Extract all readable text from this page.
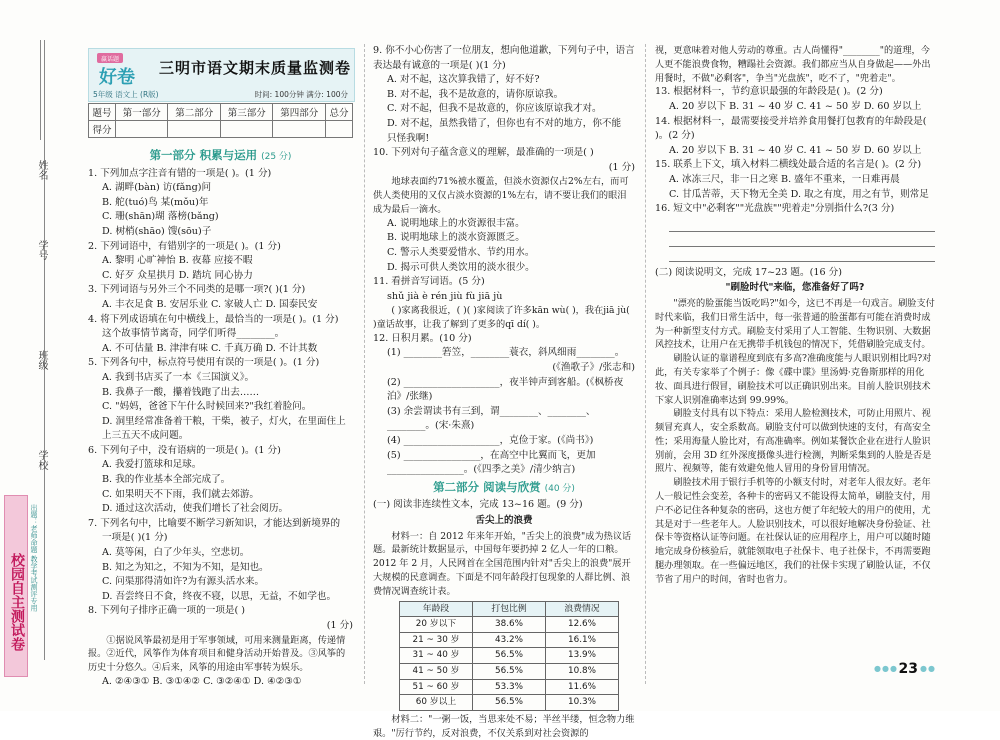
姓名
学号
班级
学校
校园自主测试卷 出题：老师命题 教学考试测评专用
赢话题
好卷 三明市语文期末质量监测卷
5年级 语文上 (R版)	时间: 100分钟 满分: 100分
题号	第一部分	第二部分	第三部分	第四部分	总分
得分					
第一部分 积累与运用 (25 分)

1. 下列加点字注音有错的一项是( )。(1 分)

A. 湖畔(bàn) 访(fǎng)问
B. 舵(tuó)鸟 某(mǒu)年
C. 珊(shān)瑚 落榜(bǎng)
D. 树梢(shāo) 馊(sōu)子

2. 下列词语中，有错别字的一项是( )。(1 分)

A. 黎明 心旷神怡 B. 夜幕 应接不暇

C. 好歹 众星拱月 D. 踏坑 同心协力

3. 下列词语与另外三个不同类的是哪一项?( )(1 分)

A. 丰衣足食 B. 安居乐业 C. 家破人亡 D. 国泰民安

4. 将下列成语填在句中横线上，最恰当的一项是( )。(1 分)

这个故事情节离奇，同学们听得________。

A. 不可估量 B. 津津有味 C. 千真万确 D. 不计其数

5. 下列各句中，标点符号使用有误的一项是( )。(1 分)

A. 我到书店买了一本《三国演义》。

B. 我鼻子一酸，攥着钱跑了出去……

C. "妈妈，爸爸下午什么时候回来?"我红着脸问。

D. 洞里经常准备着干粮，干柴，被子，灯火，在里面住上

上三五天不成问题。

6. 下列句子中，没有语病的一项是( )。(1 分)

A. 我爱打篮球和足球。

B. 我的作业基本全部完成了。

C. 如果明天不下雨，我们就去郊游。

D. 通过这次活动，使我们增长了社会阅历。

7. 下列名句中，比喻要不断学习新知识，才能达到新境界的

一项是( )(1 分)

A. 莫等闲，白了少年头，空悲切。

B. 知之为知之，不知为不知，是知也。

C. 问渠那得清如许?为有源头活水来。

D. 吾尝终日不食，终夜不寝，以思，无益，不如学也。

8. 下列句子排序正确一项的一项是( )

(1 分)

①据说风筝最初是用于军事领域，可用来测量距离，传递情报。②近代，风筝作为体育项目和健身活动开始普及。③风筝的历史十分悠久。④后来，风筝的用途由军事转为娱乐。

A. ②④③① B. ③①④② C. ③②④① D. ④②③①

9. 你不小心伤害了一位朋友，想向他道歉，下列句子中，语言表达最有诚意的一项是( )(1 分)

A. 对不起，这次算我错了，好不好?

B. 对不起，我不是故意的，请你原谅我。

C. 对不起，但我不是故意的，你应该原谅我才对。

D. 对不起，虽然我错了，但你也有不对的地方，你不能

只怪我啊!

10. 下列对句子蕴含意义的理解，最准确的一项是( )

(1 分)

地球表面约71%被水覆盖，但淡水资源仅占2%左右，而可供人类使用的又仅占淡水资源的1%左右，请不要让我们的眼泪成为最后一滴水。

A. 说明地球上的水资源很丰富。

B. 说明地球上的淡水资源匮乏。

C. 警示人类要爱惜水、节约用水。

D. 揭示可供人类饮用的淡水很少。

11. 看拼音写词语。(5 分)

shǔ jià è rén jiù fù jiā jù

( )家离我很近，( )( )家阅读了许多kān wù( )，我在jiā jù( )童话故事，让我了解到了更多的qī dí( )。

12. 日积月累。(10 分)

(1) ________箬笠，________蓑衣，斜风细雨________。

(《渔歌子》/张志和)

(2) ____________________，夜半钟声到客船。(《枫桥夜

泊》/张继)

(3) 余尝谓读书有三到，谓________、________、________。(宋·朱熹)

(4) ____________________，克俭于家。(《尚书》)

(5) ________________，在高空中比翼而飞，更加

________________。(《四季之美》/清少纳言)

第二部分 阅读与欣赏 (40 分)

(一) 阅读非连续性文本，完成 13~16 题。(9 分)

舌尖上的浪费

材料一：自 2012 年来年开始，"舌尖上的浪费"成为热议话题。最新统计数据显示，中国每年要扔掉 2 亿人一年的口粮。2012 年 2 月，人民网首在全国范围内针对"舌尖上的浪费"展开大规模的民意调查。下面是不同年龄段打包现象的人群比例、浪费情况调查统计表。

年龄段	打包比例	浪费情况
20 岁以下	38.6%	12.6%
21 ~ 30 岁	43.2%	16.1%
31 ~ 40 岁	56.5%	13.9%
41 ~ 50 岁	56.5%	10.8%
51 ~ 60 岁	53.3%	11.6%
60 岁以上	56.5%	10.3%

材料二："一粥一饭，当思来处不易；半丝半缕，恒念物力维艰。"厉行节约，反对浪费，不仅关系到对社会资源的

视，更意味着对他人劳动的尊重。古人尚懂得"________"的道理，今人更不能浪费食物，糟蹋社会资源。我们都应当从自身做起——外出用餐时，不做"必剩客"，争当"光盘族"，吃不了，"兜着走"。

13. 根据材料一，节约意识最强的年龄段是( )。(2 分)

A. 20 岁以下 B. 31 ~ 40 岁 C. 41 ~ 50 岁 D. 60 岁以上

14. 根据材料一，最需要接受并培养食用餐打包教育的年龄段是( )。(2 分)

A. 20 岁以下 B. 31 ~ 40 岁 C. 41 ~ 50 岁 D. 60 岁以上

15. 联系上下文，填入材料二横线处最合适的名言是( )。(2 分)

A. 冰冻三尺，非一日之寒 B. 盛年不重来，一日难再晨

C. 甘瓜苦蒂，天下物无全美 D. 取之有度，用之有节，则常足

16. 短文中"必剩客""光盘族""兜着走"分别指什么?(3 分)

(二) 阅读说明文，完成 17~23 题。(16 分)

"刷脸时代"来临，您准备好了吗?

"漂亮的脸蛋能当饭吃吗?"如今，这已不再是一句戏言。刷脸支付时代来临，我们日常生活中，每一张普通的脸蛋都有可能在消费时成为一种新型支付方式。刷脸支付采用了人工智能、生物识别、大数据风控技术，让用户在无携带手机钱包的情况下，凭借刷脸完成支付。

刷脸认证的靠谱程度到底有多高?准确度能与人眼识别相比吗?对此，有关专家举了个例子：像《碟中谍》里汤姆·克鲁斯那样的用化妆、面具进行假冒，刷脸技术可以正确识别出来。目前人脸识别技术下家人识别准确率达到 99.99%。

刷脸支付具有以下特点：采用人脸检测技术，可防止用照片、视频冒充真人，安全系数高。刷脸支付可以做到快速的支付，有高安全性；采用海量人脸比对，有高准确率。例如某餐饮企业在进行人脸识别前，会用 3D 红外深度摄像头进行检测，判断采集到的人脸是否是照片、视频等，能有效避免他人冒用的身份冒用情况。

刷脸技术用于银行手机等的小额支付时，对老年人很友好。老年人一般记性会变差，各种卡的密码又不能设得太简单，刷脸支付，用户不必记住各种复杂的密码，这也方便了年纪较大的用户的使用，尤其是对于一些老年人。人脸识别技术，可以很好地解决身份验证、社保卡等资格认证等问题。在社保认证的应用程序上，用户可以随时随地完成身份核验后，就能领取电子社保卡、电子社保卡，不再需要跑腿办理领取。在一些偏远地区，我们的社保卡实现了刷脸认证，不仅节省了用户的时间，省时也省力。

●●● 23 ●●
